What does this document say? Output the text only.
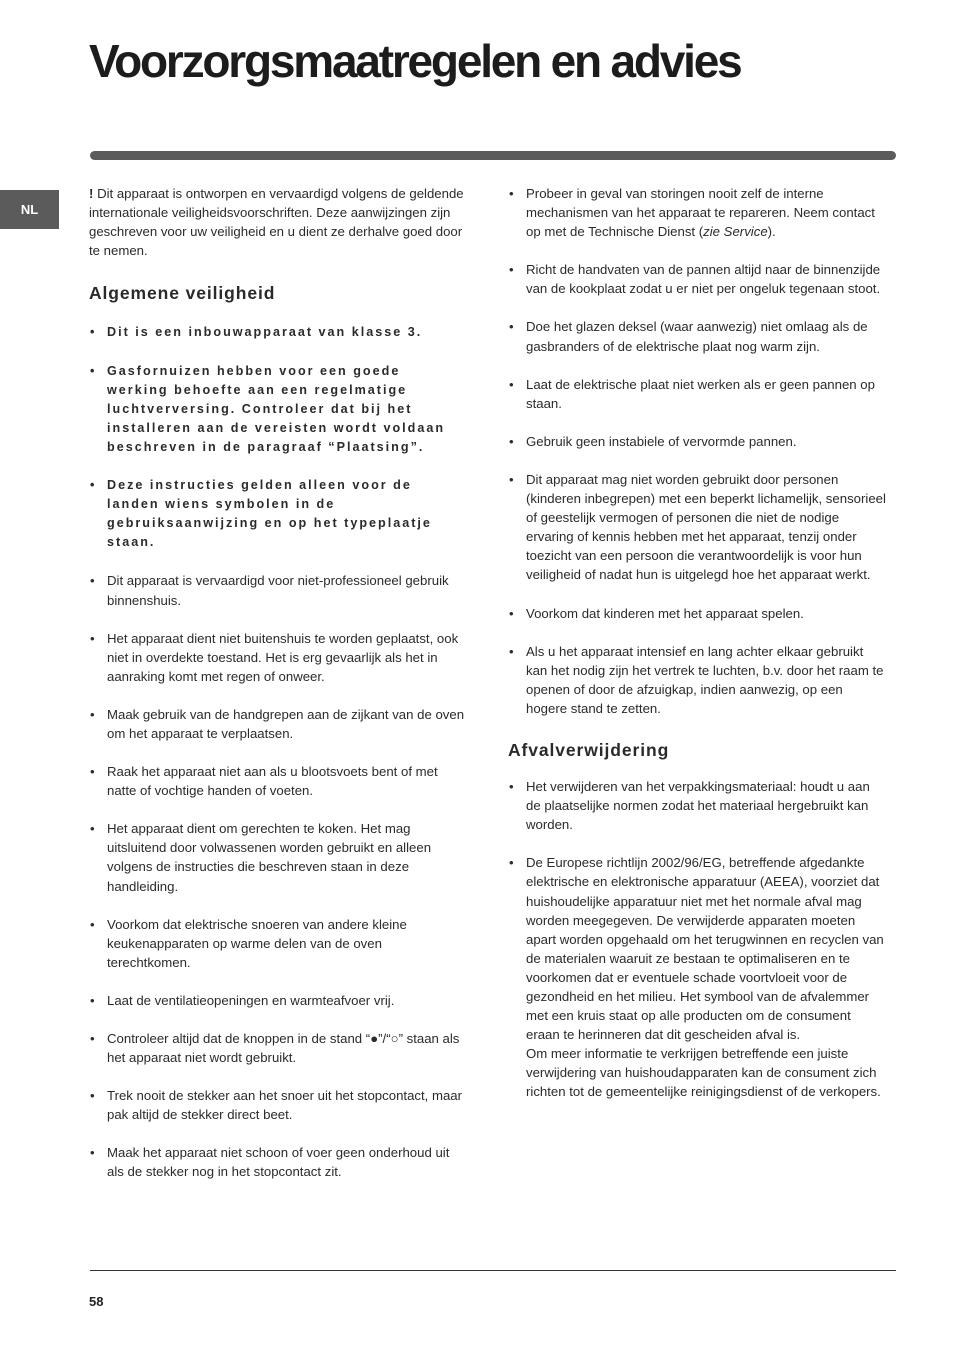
Voorzorgsmaatregelen en advies
NL

! Dit apparaat is ontworpen en vervaardigd volgens de geldende internationale veiligheidsvoorschriften. Deze aanwijzingen zijn geschreven voor uw veiligheid en u dient ze derhalve goed door te nemen.

Algemene veiligheid
• Dit is een inbouwapparaat van klasse 3.
• Gasfornuizen hebben voor een goede werking behoefte aan een regelmatige luchtverversing. Controleer dat bij het installeren aan de vereisten wordt voldaan beschreven in de paragraaf “Plaatsing”.
• Deze instructies gelden alleen voor de landen wiens symbolen in de gebruiksaanwijzing en op het typeplaatje staan.
• Dit apparaat is vervaardigd voor niet-professioneel gebruik binnenshuis.
• Het apparaat dient niet buitenshuis te worden geplaatst, ook niet in overdekte toestand. Het is erg gevaarlijk als het in aanraking komt met regen of onweer.
• Maak gebruik van de handgrepen aan de zijkant van de oven om het apparaat te verplaatsen.
• Raak het apparaat niet aan als u blootsvoets bent of met natte of vochtige handen of voeten.
• Het apparaat dient om gerechten te koken. Het mag uitsluitend door volwassenen worden gebruikt en alleen volgens de instructies die beschreven staan in deze handleiding.
• Voorkom dat elektrische snoeren van andere kleine keukenapparaten op warme delen van de oven terechtkomen.
• Laat de ventilatieopeningen en warmteafvoer vrij.
• Controleer altijd dat de knoppen in de stand “●”/“○” staan als het apparaat niet wordt gebruikt.
• Trek nooit de stekker aan het snoer uit het stopcontact, maar pak altijd de stekker direct beet.
• Maak het apparaat niet schoon of voer geen onderhoud uit als de stekker nog in het stopcontact zit.
• Probeer in geval van storingen nooit zelf de interne mechanismen van het apparaat te repareren. Neem contact op met de Technische Dienst (zie Service).
• Richt de handvaten van de pannen altijd naar de binnenzijde van de kookplaat zodat u er niet per ongeluk tegenaan stoot.
• Doe het glazen deksel (waar aanwezig) niet omlaag als de gasbranders of de elektrische plaat nog warm zijn.
• Laat de elektrische plaat niet werken als er geen pannen op staan.
• Gebruik geen instabiele of vervormde pannen.
• Dit apparaat mag niet worden gebruikt door personen (kinderen inbegrepen) met een beperkt lichamelijk, sensorieel of geestelijk vermogen of personen die niet de nodige ervaring of kennis hebben met het apparaat, tenzij onder toezicht van een persoon die verantwoordelijk is voor hun veiligheid of nadat hun is uitgelegd hoe het apparaat werkt.
• Voorkom dat kinderen met het apparaat spelen.
• Als u het apparaat intensief en lang achter elkaar gebruikt kan het nodig zijn het vertrek te luchten, b.v. door het raam te openen of door de afzuigkap, indien aanwezig, op een hogere stand te zetten.
Afvalverwijdering
• Het verwijderen van het verpakkingsmateriaal: houdt u aan de plaatselijke normen zodat het materiaal hergebruikt kan worden.
• De Europese richtlijn 2002/96/EG, betreffende afgedankte elektrische en elektronische apparatuur (AEEA), voorziet dat huishoudelijke apparatuur niet met het normale afval mag worden meegegeven. De verwijderde apparaten moeten apart worden opgehaald om het terugwinnen en recyclen van de materialen waaruit ze bestaan te optimaliseren en te voorkomen dat er eventuele schade voortvloeit voor de gezondheid en het milieu. Het symbool van de afvalemmer met een kruis staat op alle producten om de consument eraan te herinneren dat dit gescheiden afval is.
Om meer informatie te verkrijgen betreffende een juiste verwijdering van huishoudapparaten kan de consument zich richten tot de gemeentelijke reinigingsdienst of de verkopers.
58
